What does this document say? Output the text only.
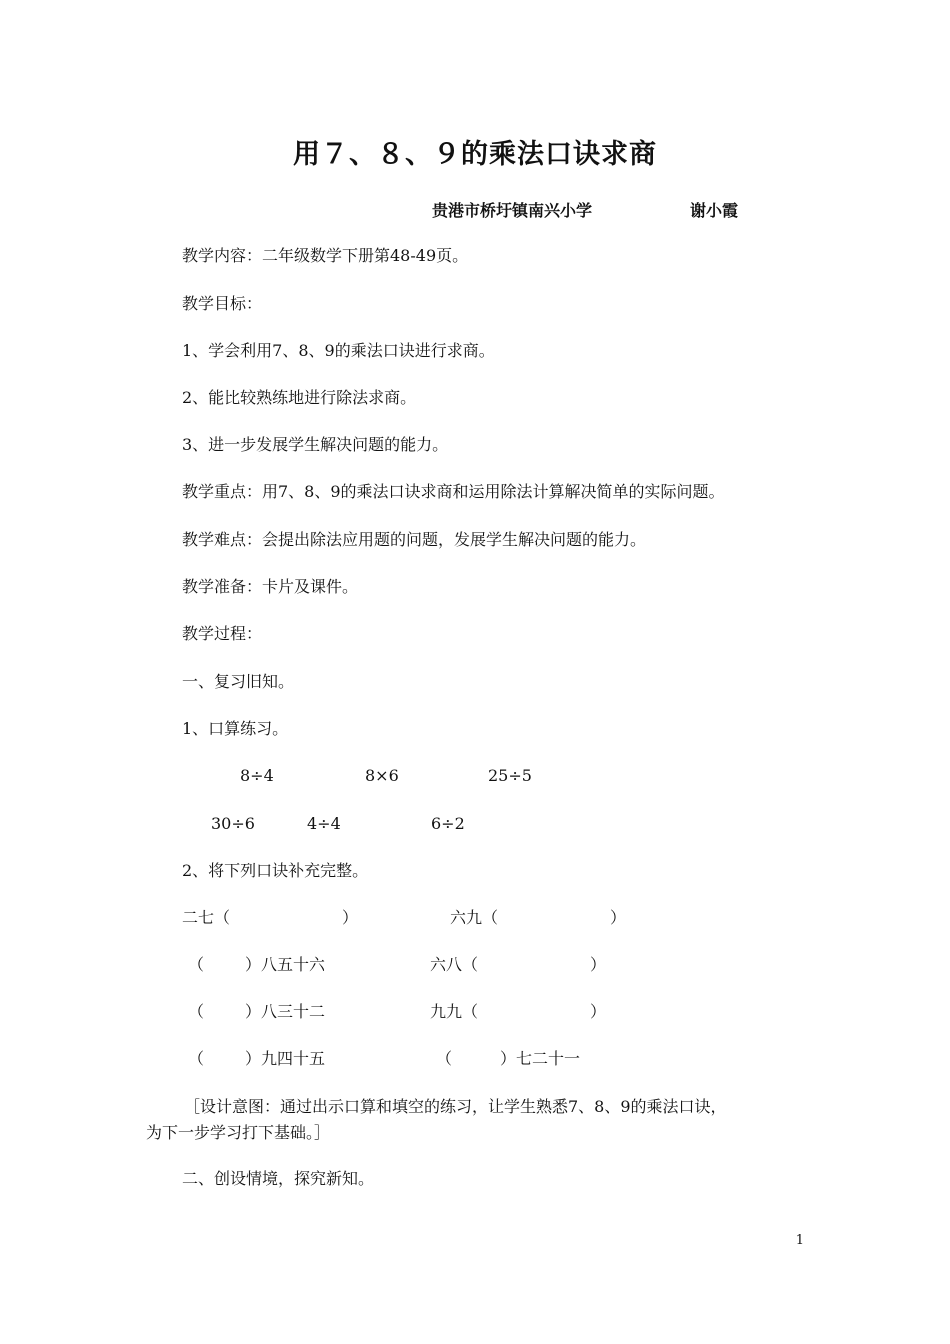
用７、８、９的乘法口诀求商
贵港市桥圩镇南兴小学	谢小霞
教学内容：二年级数学下册第48-49页。
教学目标：
1、学会利用7、8、9的乘法口诀进行求商。
2、能比较熟练地进行除法求商。
3、进一步发展学生解决问题的能力。
教学重点：用7、8、9的乘法口诀求商和运用除法计算解决简单的实际问题。
教学难点：会提出除法应用题的问题，发展学生解决问题的能力。
教学准备：卡片及课件。
教学过程：
一、复习旧知。
1、口算练习。
8÷4	8×6	25÷5
30÷6	4÷4	6÷2
2、将下列口诀补充完整。
二七（	）	六九（	）
（	）八五十六	六八（	）
（	）八三十二	九九（	）
（	）九四十五	（	）七二十一
［设计意图：通过出示口算和填空的练习，让学生熟悉7、8、9的乘法口诀，
为下一步学习打下基础。］
二、创设情境，探究新知。
1
